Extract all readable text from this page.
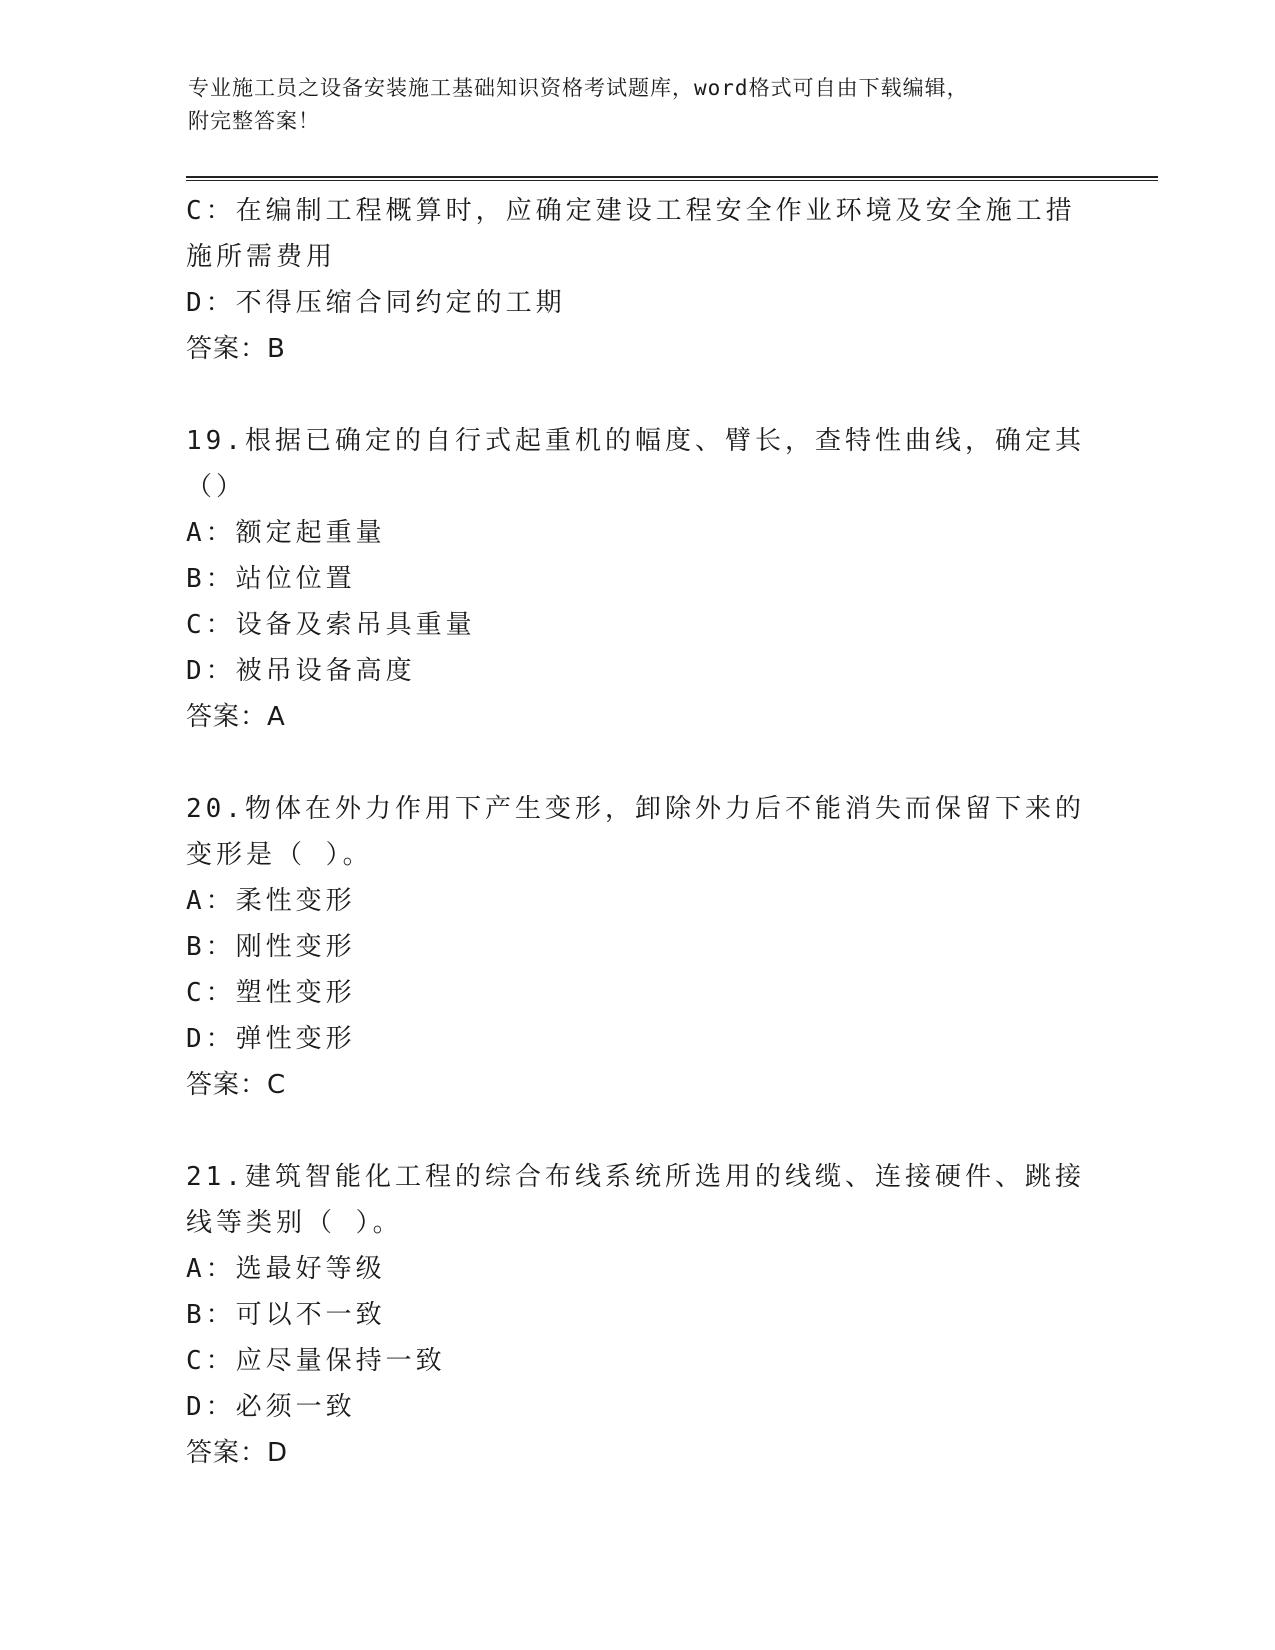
专业施工员之设备安装施工基础知识资格考试题库，word格式可自由下载编辑，
附完整答案！
C：在编制工程概算时，应确定建设工程安全作业环境及安全施工措施所需费用
D：不得压缩合同约定的工期
答案：B
19.根据已确定的自行式起重机的幅度、臂长，查特性曲线，确定其（）
A：额定起重量
B：站位位置
C：设备及索吊具重量
D：被吊设备高度
答案：A
20.物体在外力作用下产生变形，卸除外力后不能消失而保留下来的变形是（ ）。
A：柔性变形
B：刚性变形
C：塑性变形
D：弹性变形
答案：C
21.建筑智能化工程的综合布线系统所选用的线缆、连接硬件、跳接线等类别（ ）。
A：选最好等级
B：可以不一致
C：应尽量保持一致
D：必须一致
答案：D
